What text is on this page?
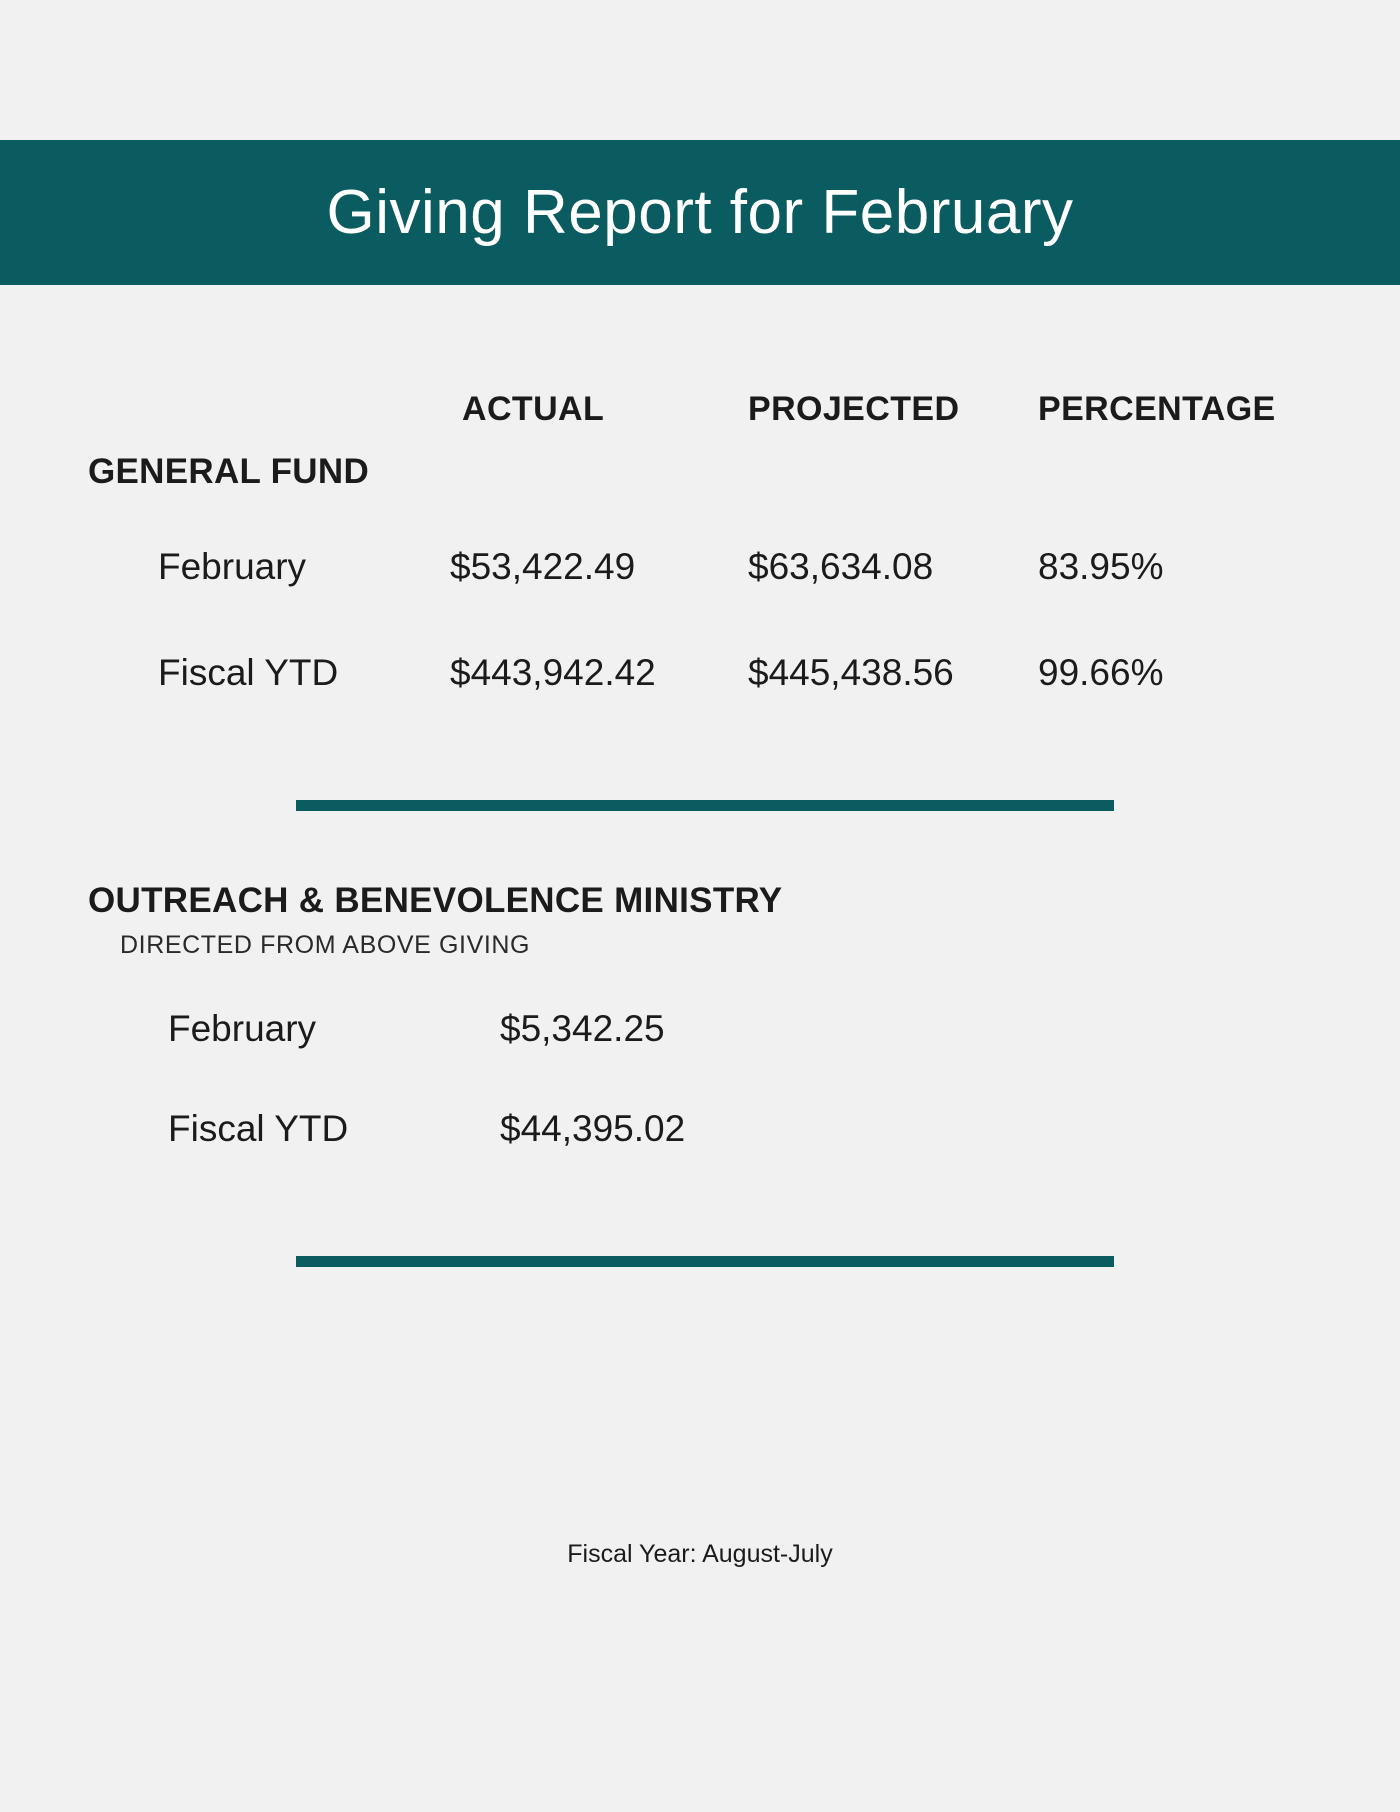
Giving Report for February
ACTUAL	PROJECTED PERCENTAGE
GENERAL FUND
February	$53,422.49	$63,634.08	83.95%
Fiscal YTD	$443,942.42 $445,438.56 99.66%
OUTREACH & BENEVOLENCE MINISTRY
DIRECTED FROM ABOVE GIVING
February	$5,342.25
Fiscal YTD	$44,395.02
Fiscal Year: August-July
